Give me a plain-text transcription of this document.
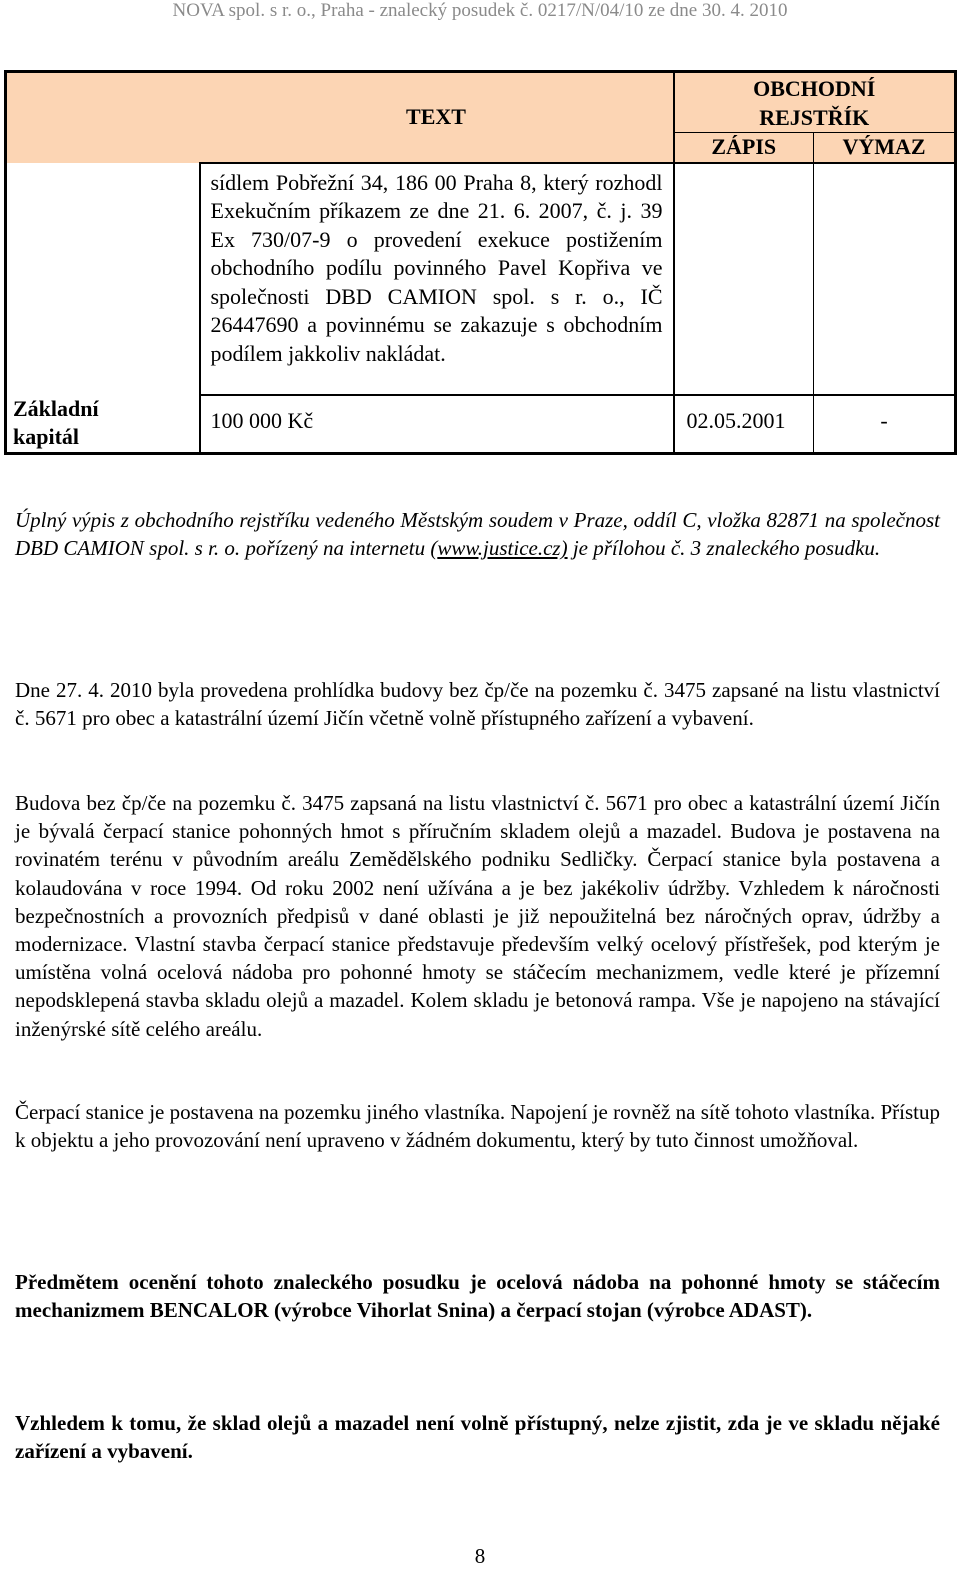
NOVA spol. s r. o., Praha - znalecký posudek č. 0217/N/04/10 ze dne 30. 4. 2010
	TEXT	OBCHODNÍ
REJSTŘÍK	

		ZÁPIS	VÝMAZ

	sídlem Pobřežní 34, 186 00 Praha 8, který rozhodl Exekučním příkazem ze dne 21. 6. 2007, č. j. 39 Ex 730/07-9 o provedení exekuce postižením obchodního podílu povinného Pavel Kopřiva ve společnosti DBD CAMION spol. s r. o., IČ 26447690 a povinnému se zakazuje s obchodním podílem jakkoliv nakládat.		

Základní
kapitál	100 000 Kč	02.05.2001	-
Úplný výpis z obchodního rejstříku vedeného Městským soudem v Praze, oddíl C, vložka 82871 na společnost DBD CAMION spol. s r. o. pořízený na internetu (www.justice.cz) je přílohou č. 3 znaleckého posudku.

Dne 27. 4. 2010 byla provedena prohlídka budovy bez čp/če na pozemku č. 3475 zapsané na listu vlastnictví č. 5671 pro obec a katastrální území Jičín včetně volně přístupného zařízení a vybavení.

Budova bez čp/če na pozemku č. 3475 zapsaná na listu vlastnictví č. 5671 pro obec a katastrální území Jičín je bývalá čerpací stanice pohonných hmot s příručním skladem olejů a mazadel. Budova je postavena na rovinatém terénu v původním areálu Zemědělského podniku Sedličky. Čerpací stanice byla postavena a kolaudována v roce 1994. Od roku 2002 není užívána a je bez jakékoliv údržby. Vzhledem k náročnosti bezpečnostních a provozních předpisů v dané oblasti je již nepoužitelná bez náročných oprav, údržby a modernizace. Vlastní stavba čerpací stanice představuje především velký ocelový přístřešek, pod kterým je umístěna volná ocelová nádoba pro pohonné hmoty se stáčecím mechanizmem, vedle které je přízemní nepodsklepená stavba skladu olejů a mazadel. Kolem skladu je betonová rampa. Vše je napojeno na stávající inženýrské sítě celého areálu.

Čerpací stanice je postavena na pozemku jiného vlastníka. Napojení je rovněž na sítě tohoto vlastníka. Přístup k objektu a jeho provozování není upraveno v žádném dokumentu, který by tuto činnost umožňoval.

Předmětem ocenění tohoto znaleckého posudku je ocelová nádoba na pohonné hmoty se stáčecím mechanizmem BENCALOR (výrobce Vihorlat Snina) a čerpací stojan (výrobce ADAST).

Vzhledem k tomu, že sklad olejů a mazadel není volně přístupný, nelze zjistit, zda je ve skladu nějaké zařízení a vybavení.

8
